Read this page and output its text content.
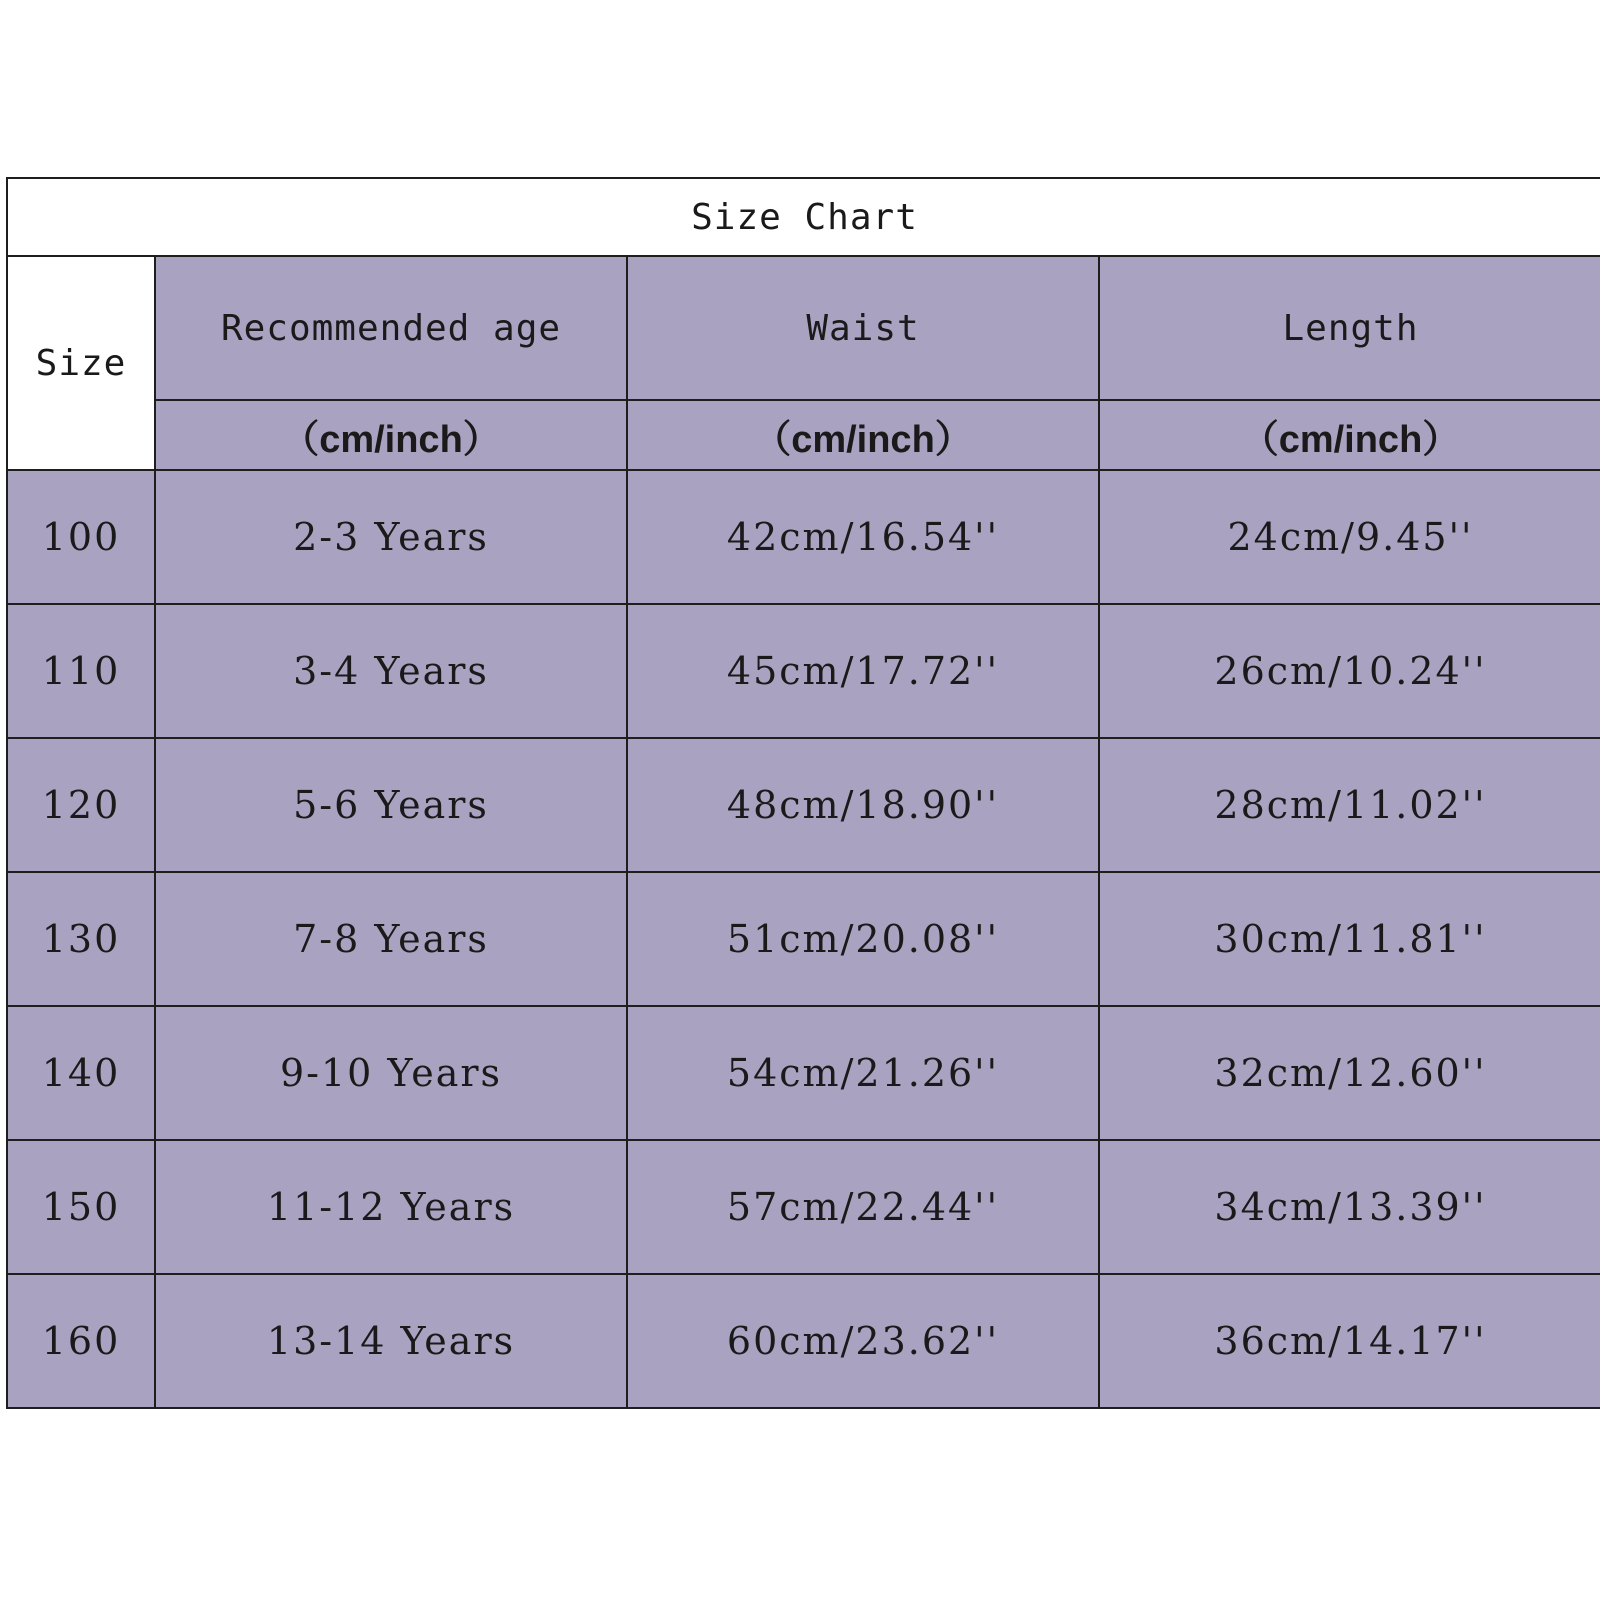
Size Chart			
Size	Recommended age	Waist	Length
	（cm/inch）	（cm/inch）	（cm/inch）
100	2-3 Years	42cm/16.54''	24cm/9.45''
110	3-4 Years	45cm/17.72''	26cm/10.24''
120	5-6 Years	48cm/18.90''	28cm/11.02''
130	7-8 Years	51cm/20.08''	30cm/11.81''
140	9-10 Years	54cm/21.26''	32cm/12.60''
150	11-12 Years	57cm/22.44''	34cm/13.39''
160	13-14 Years	60cm/23.62''	36cm/14.17''
